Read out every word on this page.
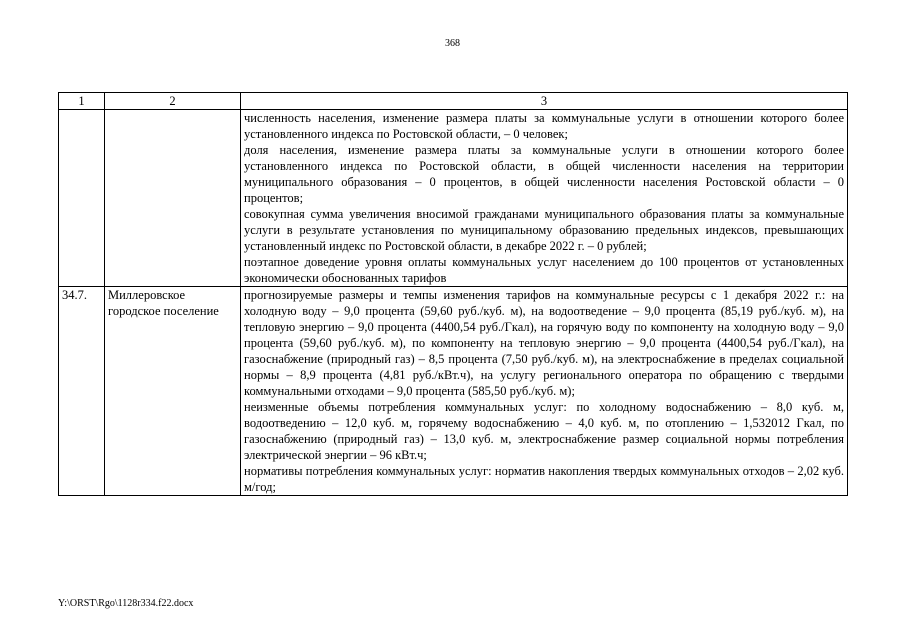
368
1	2	3

		численность населения, изменение размера платы за коммунальные услуги в отношении которого более установленного индекса по Ростовской области, – 0 человек;
доля населения, изменение размера платы за коммунальные услуги в отношении которого более установленного индекса по Ростовской области, в общей численности населения на территории муниципального образования – 0 процентов, в общей численности населения Ростовской области – 0 процентов;
совокупная сумма увеличения вносимой гражданами муниципального образования платы за коммунальные услуги в результате установления по муниципальному образованию предельных индексов, превышающих установленный индекс по Ростовской области, в декабре 2022 г. – 0 рублей;
поэтапное доведение уровня оплаты коммунальных услуг населением до 100 процентов от установленных экономически обоснованных тарифов

34.7.	Миллеровское городское поселение	прогнозируемые размеры и темпы изменения тарифов на коммунальные ресурсы с 1 декабря 2022 г.: на холодную воду – 9,0 процента (59,60 руб./куб. м), на водоотведение – 9,0 процента (85,19 руб./куб. м), на тепловую энергию – 9,0 процента (4400,54 руб./Гкал), на горячую воду по компоненту на холодную воду – 9,0 процента (59,60 руб./куб. м), по компоненту на тепловую энергию – 9,0 процента (4400,54 руб./Гкал), на газоснабжение (природный газ) – 8,5 процента (7,50 руб./куб. м), на электроснабжение в пределах социальной нормы – 8,9 процента (4,81 руб./кВт.ч), на услугу регионального оператора по обращению с твердыми коммунальными отходами – 9,0 процента (585,50 руб./куб. м);
неизменные объемы потребления коммунальных услуг: по холодному водоснабжению – 8,0 куб. м, водоотведению – 12,0 куб. м, горячему водоснабжению – 4,0 куб. м, по отоплению – 1,532012 Гкал, по газоснабжению (природный газ) – 13,0 куб. м, электроснабжение размер социальной нормы потребления электрической энергии – 96 кВт.ч;
нормативы потребления коммунальных услуг: норматив накопления твердых коммунальных отходов – 2,02 куб. м/год;
Y:\ORST\Rgo\1128r334.f22.docx
